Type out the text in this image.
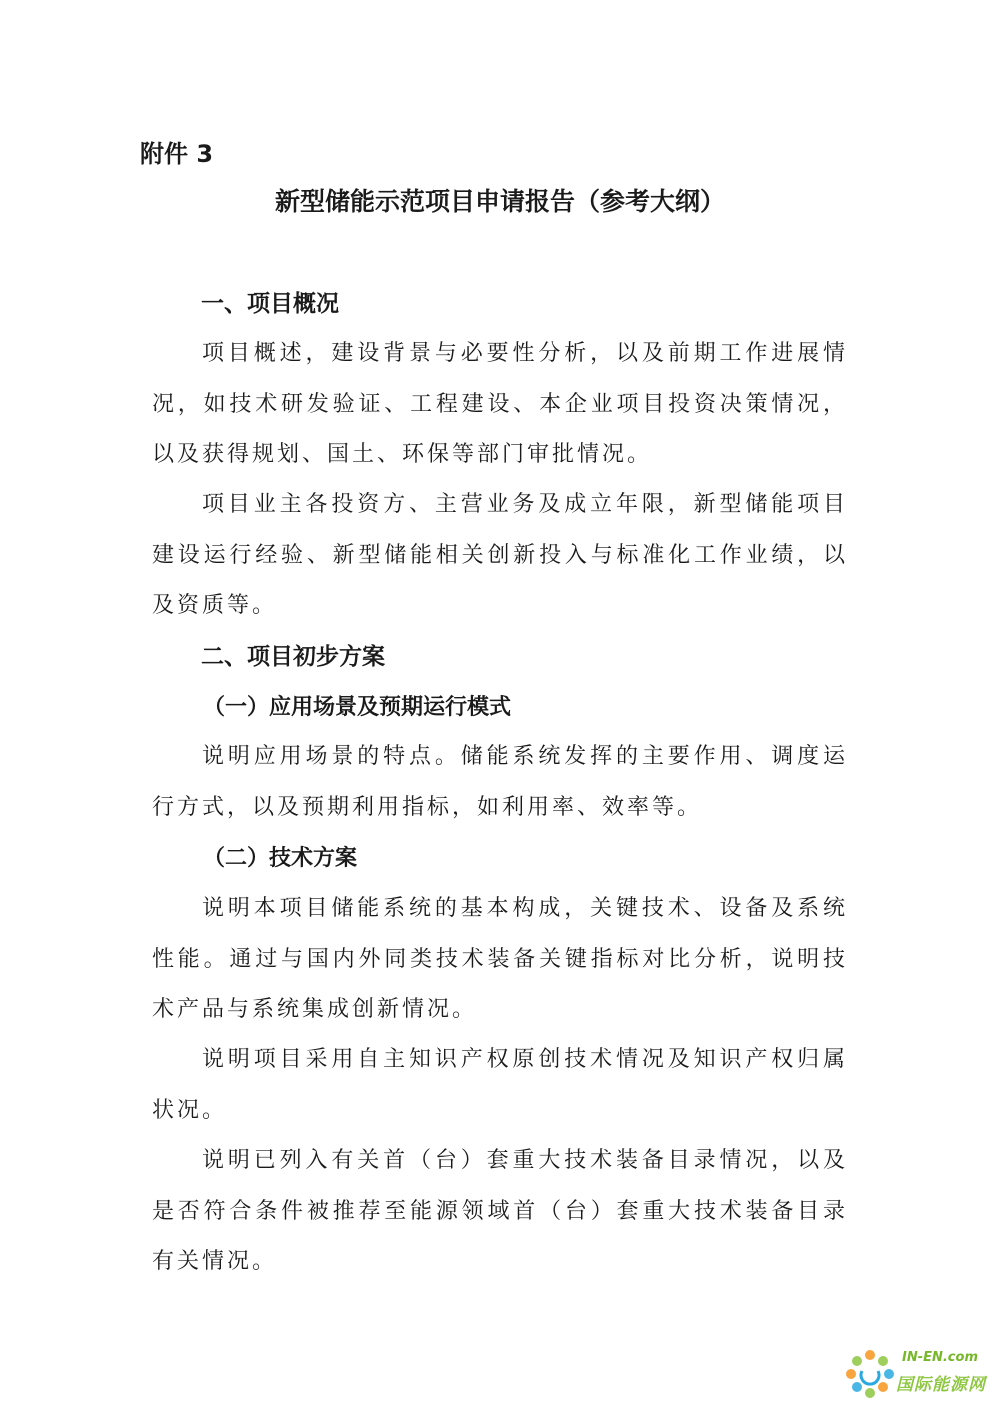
附件 3
新型储能示范项目申请报告（参考大纲）
一、项目概况
项目概述，建设背景与必要性分析，以及前期工作进展情况，如技术研发验证、工程建设、本企业项目投资决策情况，以及获得规划、国土、环保等部门审批情况。
项目业主各投资方、主营业务及成立年限，新型储能项目建设运行经验、新型储能相关创新投入与标准化工作业绩，以及资质等。
二、项目初步方案
（一）应用场景及预期运行模式
说明应用场景的特点。储能系统发挥的主要作用、调度运行方式，以及预期利用指标，如利用率、效率等。
（二）技术方案
说明本项目储能系统的基本构成，关键技术、设备及系统性能。通过与国内外同类技术装备关键指标对比分析，说明技术产品与系统集成创新情况。
说明项目采用自主知识产权原创技术情况及知识产权归属状况。
说明已列入有关首（台）套重大技术装备目录情况，以及是否符合条件被推荐至能源领域首（台）套重大技术装备目录有关情况。
IN-EN.com
国际能源网
